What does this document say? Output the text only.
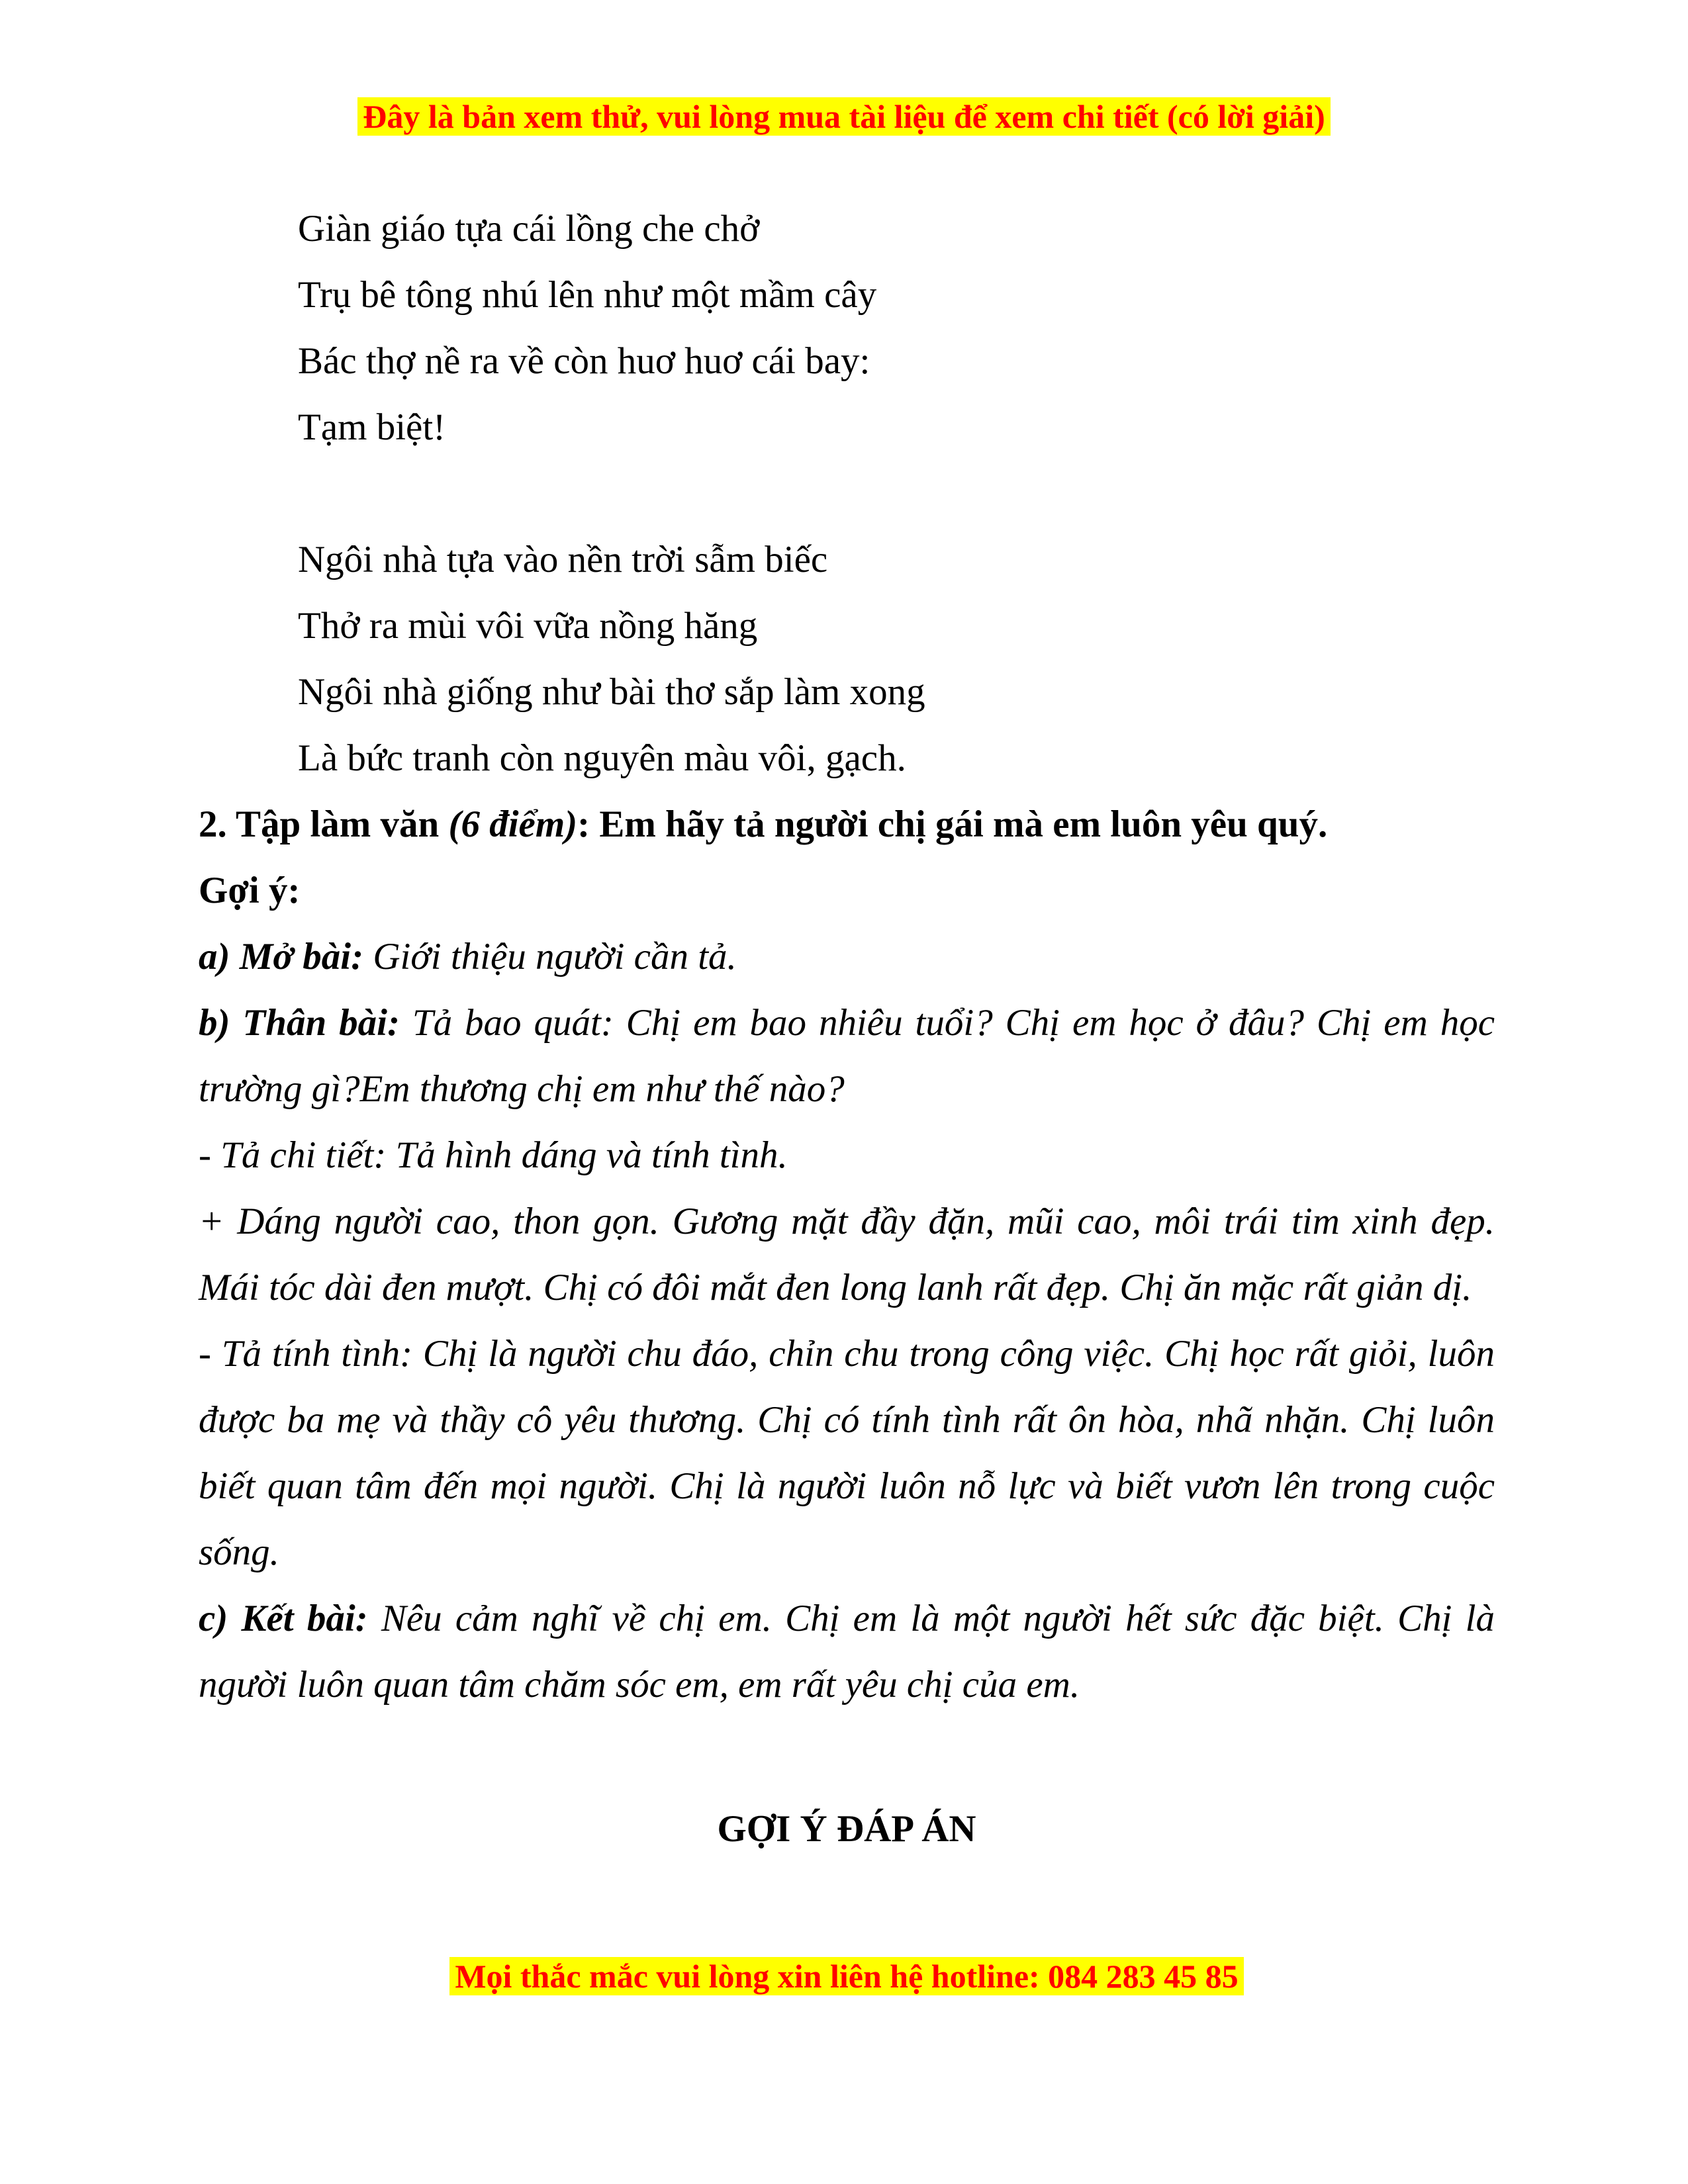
Đây là bản xem thử, vui lòng mua tài liệu để xem chi tiết (có lời giải)

Giàn giáo tựa cái lồng che chở

Trụ bê tông nhú lên như một mầm cây

Bác thợ nề ra về còn huơ huơ cái bay:

Tạm biệt!

Ngôi nhà tựa vào nền trời sẫm biếc

Thở ra mùi vôi vữa nồng hăng

Ngôi nhà giống như bài thơ sắp làm xong

Là bức tranh còn nguyên màu vôi, gạch.

2. Tập làm văn (6 điểm): Em hãy tả người chị gái mà em luôn yêu quý.

Gợi ý:

a) Mở bài: Giới thiệu người cần tả.

b) Thân bài: Tả bao quát: Chị em bao nhiêu tuổi? Chị em học ở đâu? Chị em học trường gì?Em thương chị em như thế nào?

- Tả chi tiết: Tả hình dáng và tính tình.

+ Dáng người cao, thon gọn. Gương mặt đầy đặn, mũi cao, môi trái tim xinh đẹp. Mái tóc dài đen mượt. Chị có đôi mắt đen long lanh rất đẹp. Chị ăn mặc rất giản dị.

- Tả tính tình: Chị là người chu đáo, chỉn chu trong công việc. Chị học rất giỏi, luôn được ba mẹ và thầy cô yêu thương. Chị có tính tình rất ôn hòa, nhã nhặn. Chị luôn biết quan tâm đến mọi người. Chị là người luôn nỗ lực và biết vươn lên trong cuộc sống.

c) Kết bài: Nêu cảm nghĩ về chị em. Chị em là một người hết sức đặc biệt. Chị là người luôn quan tâm chăm sóc em, em rất yêu chị của em.

GỢI Ý ĐÁP ÁN

Mọi thắc mắc vui lòng xin liên hệ hotline: 084 283 45 85
